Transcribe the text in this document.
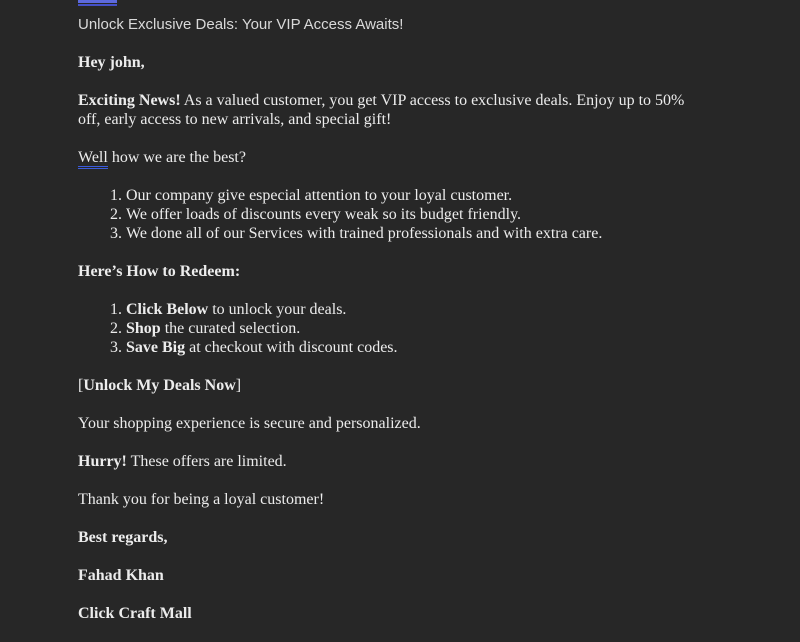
Unlock Exclusive Deals: Your VIP Access Awaits!

Hey john,

Exciting News! As a valued customer, you get VIP access to exclusive deals. Enjoy up to 50% off, early access to new arrivals, and special gift!

Well how we are the best?

1. Our company give especial attention to your loyal customer.
2. We offer loads of discounts every weak so its budget friendly.
3. We done all of our Services with trained professionals and with extra care.

Here’s How to Redeem:

1. Click Below to unlock your deals.
2. Shop the curated selection.
3. Save Big at checkout with discount codes.

[Unlock My Deals Now]

Your shopping experience is secure and personalized.

Hurry! These offers are limited.

Thank you for being a loyal customer!

Best regards,

Fahad Khan

Click Craft Mall
